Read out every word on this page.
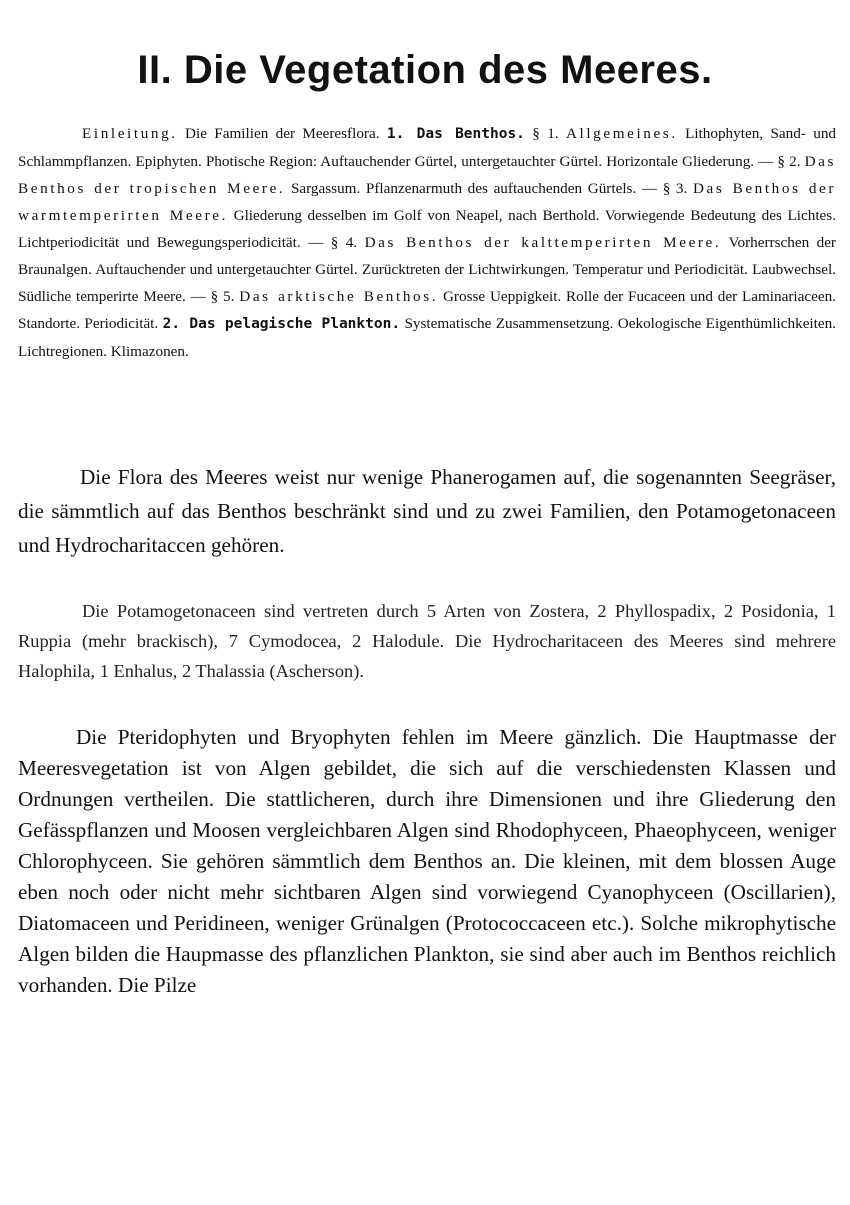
II. Die Vegetation des Meeres.
Einleitung. Die Familien der Meeresflora. 1. Das Benthos. § 1. Allgemeines. Lithophyten, Sand- und Schlammpflanzen. Epiphyten. Photische Region: Auftauchender Gürtel, untergetauchter Gürtel. Horizontale Gliederung. — § 2. Das Benthos der tropischen Meere. Sargassum. Pflanzenarmuth des auftauchenden Gürtels. — § 3. Das Benthos der warmtemperirten Meere. Gliederung desselben im Golf von Neapel, nach Berthold. Vorwiegende Bedeutung des Lichtes. Lichtperiodicität und Bewegungsperiodicität. — § 4. Das Benthos der kalttemperirten Meere. Vorherrschen der Braunalgen. Auftauchender und untergetauchter Gürtel. Zurücktreten der Lichtwirkungen. Temperatur und Periodicität. Laubwechsel. Südliche temperirte Meere. — § 5. Das arktische Benthos. Grosse Ueppigkeit. Rolle der Fucaceen und der Laminariaceen. Standorte. Periodicität. 2. Das pelagische Plankton. Systematische Zusammensetzung. Oekologische Eigenthümlichkeiten. Lichtregionen. Klimazonen.

Die Flora des Meeres weist nur wenige Phanerogamen auf, die sogenannten Seegräser, die sämmtlich auf das Benthos beschränkt sind und zu zwei Familien, den Potamogetonaceen und Hydrocharitaccen gehören.

Die Potamogetonaceen sind vertreten durch 5 Arten von Zostera, 2 Phyllospadix, 2 Posidonia, 1 Ruppia (mehr brackisch), 7 Cymodocea, 2 Halodule. Die Hydrocharitaceen des Meeres sind mehrere Halophila, 1 Enhalus, 2 Thalassia (Ascherson).

Die Pteridophyten und Bryophyten fehlen im Meere gänzlich. Die Hauptmasse der Meeresvegetation ist von Algen gebildet, die sich auf die verschiedensten Klassen und Ordnungen vertheilen. Die stattlicheren, durch ihre Dimensionen und ihre Gliederung den Gefässpflanzen und Moosen vergleichbaren Algen sind Rhodophyceen, Phaeophyceen, weniger Chlorophyceen. Sie gehören sämmtlich dem Benthos an. Die kleinen, mit dem blossen Auge eben noch oder nicht mehr sichtbaren Algen sind vorwiegend Cyanophyceen (Oscillarien), Diatomaceen und Peridineen, weniger Grünalgen (Protococcaceen etc.). Solche mikrophytische Algen bilden die Haupmasse des pflanzlichen Plankton, sie sind aber auch im Benthos reichlich vorhanden. Die Pilze
